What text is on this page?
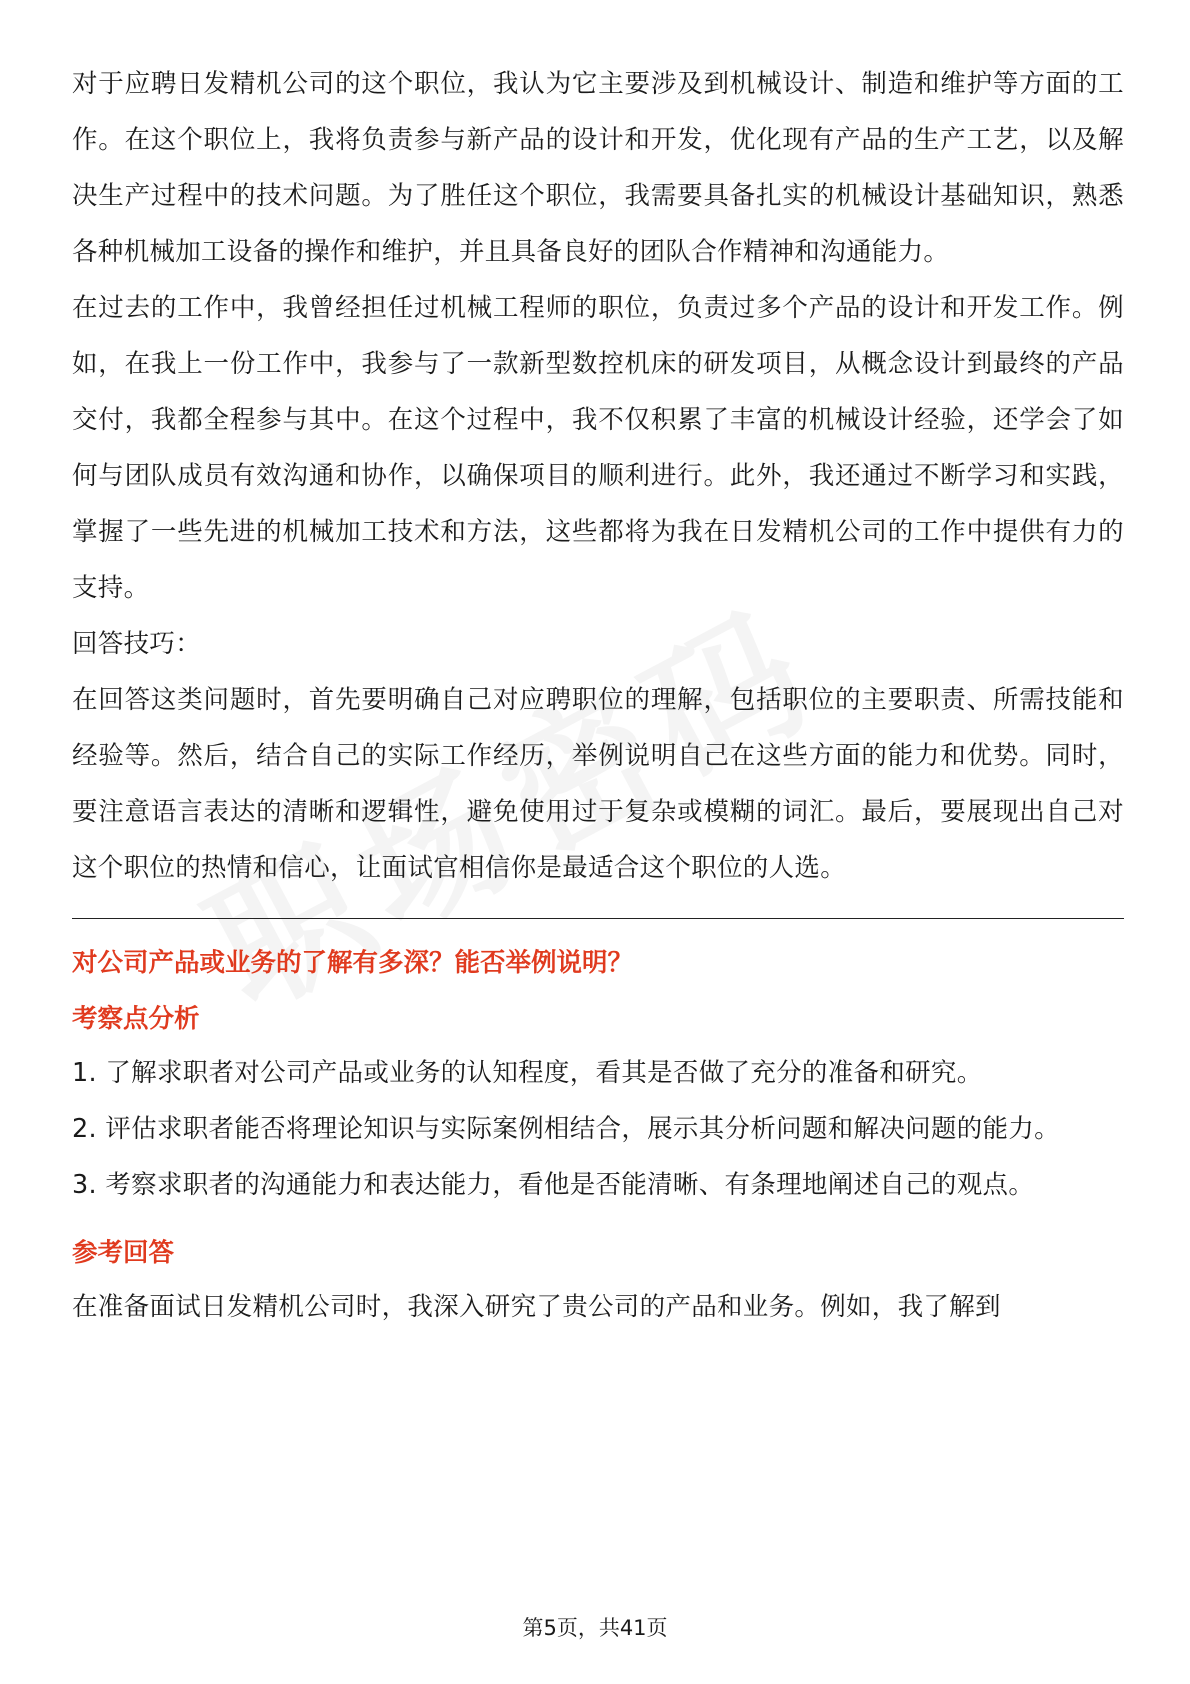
对于应聘日发精机公司的这个职位，我认为它主要涉及到机械设计、制造和维护等方面的工作。在这个职位上，我将负责参与新产品的设计和开发，优化现有产品的生产工艺，以及解决生产过程中的技术问题。为了胜任这个职位，我需要具备扎实的机械设计基础知识，熟悉各种机械加工设备的操作和维护，并且具备良好的团队合作精神和沟通能力。

在过去的工作中，我曾经担任过机械工程师的职位，负责过多个产品的设计和开发工作。例如，在我上一份工作中，我参与了一款新型数控机床的研发项目，从概念设计到最终的产品交付，我都全程参与其中。在这个过程中，我不仅积累了丰富的机械设计经验，还学会了如何与团队成员有效沟通和协作，以确保项目的顺利进行。此外，我还通过不断学习和实践，掌握了一些先进的机械加工技术和方法，这些都将为我在日发精机公司的工作中提供有力的支持。

回答技巧：

在回答这类问题时，首先要明确自己对应聘职位的理解，包括职位的主要职责、所需技能和经验等。然后，结合自己的实际工作经历，举例说明自己在这些方面的能力和优势。同时，要注意语言表达的清晰和逻辑性，避免使用过于复杂或模糊的词汇。最后，要展现出自己对这个职位的热情和信心，让面试官相信你是最适合这个职位的人选。

对公司产品或业务的了解有多深？能否举例说明？

考察点分析

1. 了解求职者对公司产品或业务的认知程度，看其是否做了充分的准备和研究。

2. 评估求职者能否将理论知识与实际案例相结合，展示其分析问题和解决问题的能力。

3. 考察求职者的沟通能力和表达能力，看他是否能清晰、有条理地阐述自己的观点。

参考回答

在准备面试日发精机公司时，我深入研究了贵公司的产品和业务。例如，我了解到

第5页，共41页
